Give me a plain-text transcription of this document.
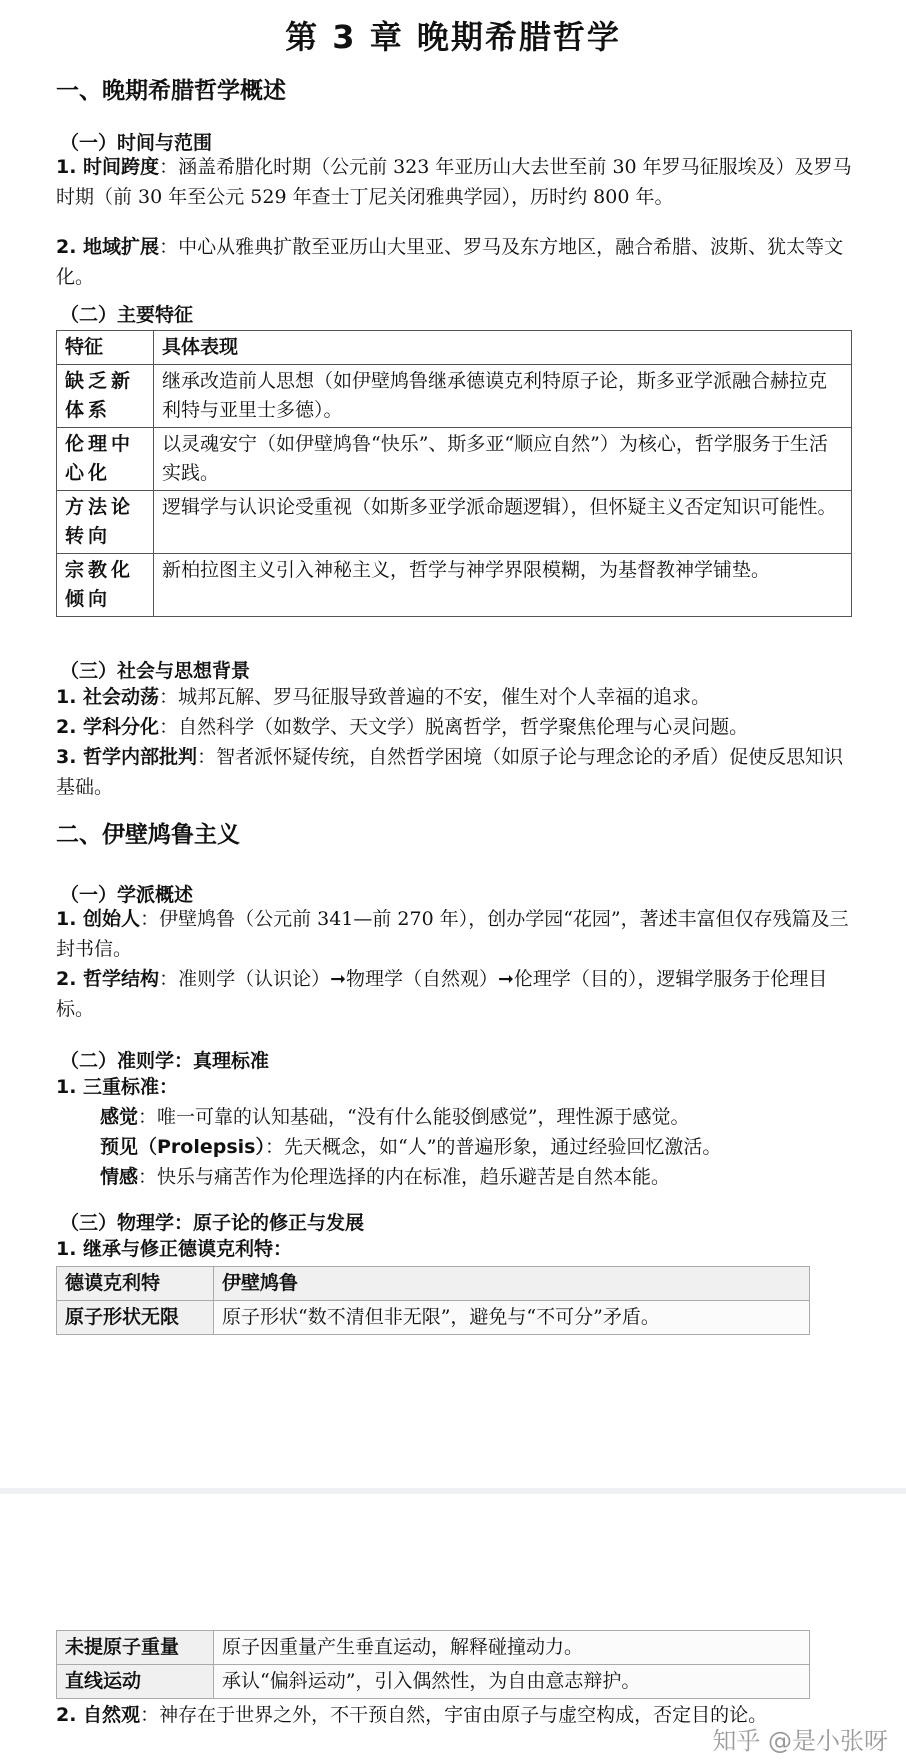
第 3 章 晚期希腊哲学
一、晚期希腊哲学概述
（一）时间与范围
1. 时间跨度：涵盖希腊化时期（公元前 323 年亚历山大去世至前 30 年罗马征服埃及）及罗马时期（前 30 年至公元 529 年查士丁尼关闭雅典学园），历时约 800 年。
2. 地域扩展：中心从雅典扩散至亚历山大里亚、罗马及东方地区，融合希腊、波斯、犹太等文化。
（二）主要特征
特征	具体表现
缺乏新体系	继承改造前人思想（如伊壁鸠鲁继承德谟克利特原子论，斯多亚学派融合赫拉克利特与亚里士多德）。
伦理中心化	以灵魂安宁（如伊壁鸠鲁“快乐”、斯多亚“顺应自然”）为核心，哲学服务于生活实践。
方法论转向	逻辑学与认识论受重视（如斯多亚学派命题逻辑），但怀疑主义否定知识可能性。
宗教化倾向	新柏拉图主义引入神秘主义，哲学与神学界限模糊，为基督教神学铺垫。
（三）社会与思想背景
1. 社会动荡：城邦瓦解、罗马征服导致普遍的不安，催生对个人幸福的追求。
2. 学科分化：自然科学（如数学、天文学）脱离哲学，哲学聚焦伦理与心灵问题。
3. 哲学内部批判：智者派怀疑传统，自然哲学困境（如原子论与理念论的矛盾）促使反思知识基础。
二、伊壁鸠鲁主义
（一）学派概述
1. 创始人：伊壁鸠鲁（公元前 341—前 270 年），创办学园“花园”，著述丰富但仅存残篇及三封书信。
2. 哲学结构：准则学（认识论）➞物理学（自然观）➞伦理学（目的），逻辑学服务于伦理目标。
（二）准则学：真理标准
1. 三重标准：
感觉：唯一可靠的认知基础，“没有什么能驳倒感觉”，理性源于感觉。
预见（Prolepsis）：先天概念，如“人”的普遍形象，通过经验回忆激活。
情感：快乐与痛苦作为伦理选择的内在标准，趋乐避苦是自然本能。
（三）物理学：原子论的修正与发展
1. 继承与修正德谟克利特：
德谟克利特	伊壁鸠鲁
原子形状无限	原子形状“数不清但非无限”，避免与“不可分”矛盾。
未提原子重量	原子因重量产生垂直运动，解释碰撞动力。
直线运动	承认“偏斜运动”，引入偶然性，为自由意志辩护。
2. 自然观：神存在于世界之外，不干预自然，宇宙由原子与虚空构成，否定目的论。
知乎 @是小张呀
